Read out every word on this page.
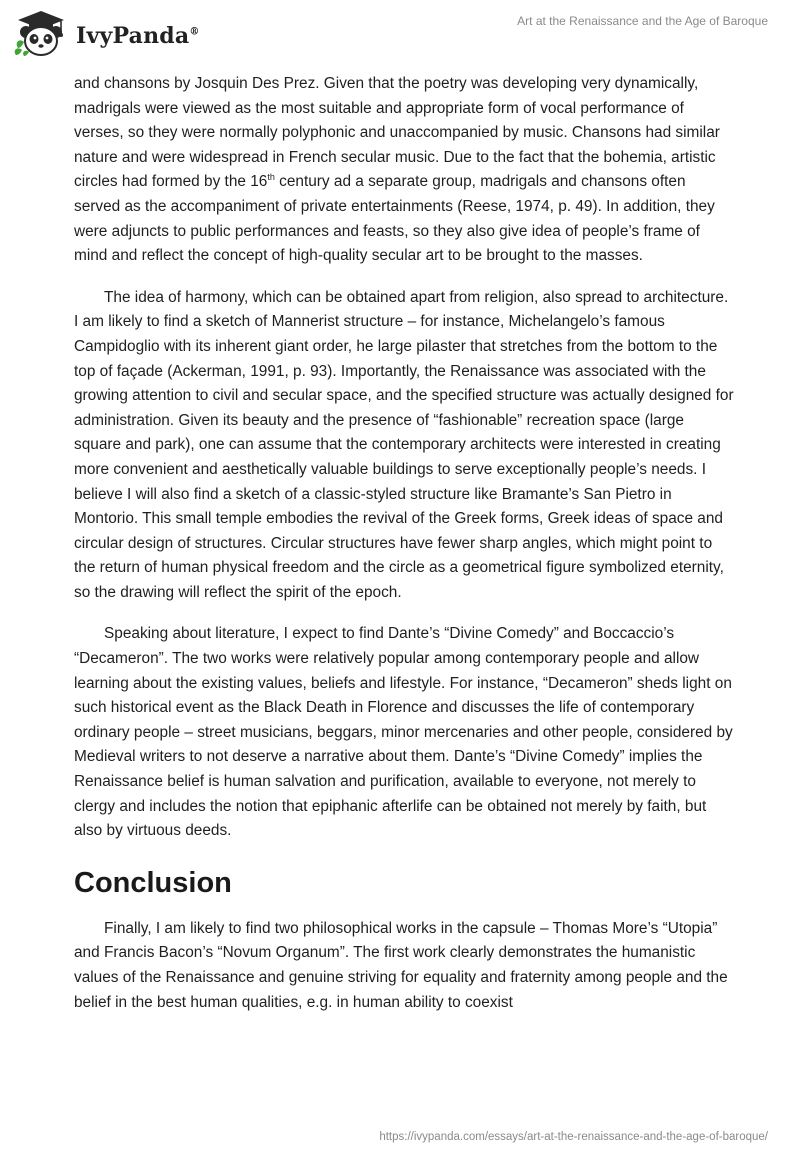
IvyPanda®
Art at the Renaissance and the Age of Baroque

and chansons by Josquin Des Prez. Given that the poetry was developing very dynamically, madrigals were viewed as the most suitable and appropriate form of vocal performance of verses, so they were normally polyphonic and unaccompanied by music. Chansons had similar nature and were widespread in French secular music. Due to the fact that the bohemia, artistic circles had formed by the 16th century ad a separate group, madrigals and chansons often served as the accompaniment of private entertainments (Reese, 1974, p. 49). In addition, they were adjuncts to public performances and feasts, so they also give idea of people’s frame of mind and reflect the concept of high-quality secular art to be brought to the masses.

The idea of harmony, which can be obtained apart from religion, also spread to architecture. I am likely to find a sketch of Mannerist structure – for instance, Michelangelo’s famous Campidoglio with its inherent giant order, he large pilaster that stretches from the bottom to the top of façade (Ackerman, 1991, p. 93). Importantly, the Renaissance was associated with the growing attention to civil and secular space, and the specified structure was actually designed for administration. Given its beauty and the presence of “fashionable” recreation space (large square and park), one can assume that the contemporary architects were interested in creating more convenient and aesthetically valuable buildings to serve exceptionally people’s needs. I believe I will also find a sketch of a classic-styled structure like Bramante’s San Pietro in Montorio. This small temple embodies the revival of the Greek forms, Greek ideas of space and circular design of structures. Circular structures have fewer sharp angles, which might point to the return of human physical freedom and the circle as a geometrical figure symbolized eternity, so the drawing will reflect the spirit of the epoch.

Speaking about literature, I expect to find Dante’s “Divine Comedy” and Boccaccio’s “Decameron”. The two works were relatively popular among contemporary people and allow learning about the existing values, beliefs and lifestyle. For instance, “Decameron” sheds light on such historical event as the Black Death in Florence and discusses the life of contemporary ordinary people – street musicians, beggars, minor mercenaries and other people, considered by Medieval writers to not deserve a narrative about them. Dante’s “Divine Comedy” implies the Renaissance belief is human salvation and purification, available to everyone, not merely to clergy and includes the notion that epiphanic afterlife can be obtained not merely by faith, but also by virtuous deeds.

Conclusion

Finally, I am likely to find two philosophical works in the capsule – Thomas More’s “Utopia” and Francis Bacon’s “Novum Organum”. The first work clearly demonstrates the humanistic values of the Renaissance and genuine striving for equality and fraternity among people and the belief in the best human qualities, e.g. in human ability to coexist

https://ivypanda.com/essays/art-at-the-renaissance-and-the-age-of-baroque/
